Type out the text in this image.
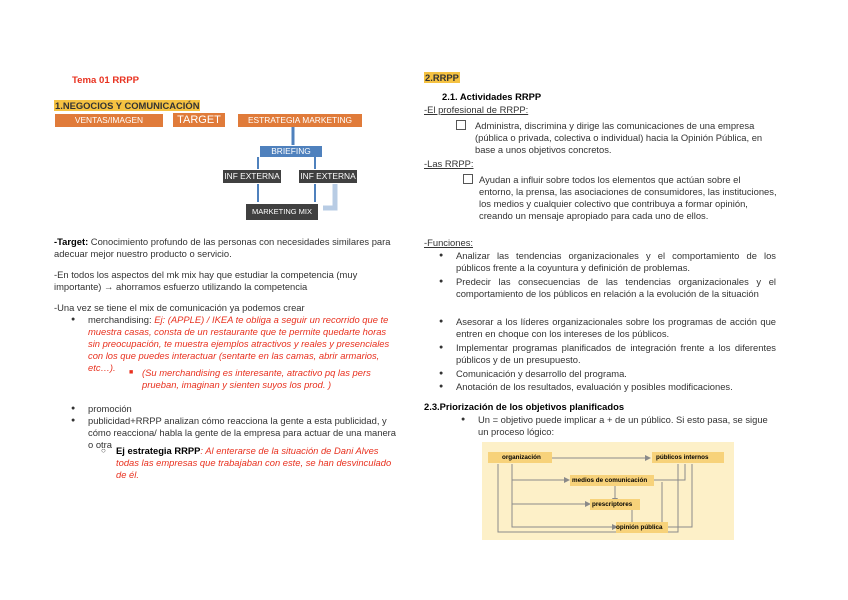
Tema 01 RRPP
1.NEGOCIOS Y COMUNICACIÓN
VENTAS/IMAGEN	TARGET	ESTRATEGIA MARKETING
BRIEFING
INF EXTERNA INF EXTERNA
MARKETING MIX
-Target: Conocimiento profundo de las personas con necesidades similares para adecuar mejor nuestro producto o servicio.
-En todos los aspectos del mk mix hay que estudiar la competencia (muy importante) → ahorramos esfuerzo utilizando la competencia
-Una vez se tiene el mix de comunicación ya podemos crear
● merchandising: Ej: (APPLE) / IKEA te obliga a seguir un recorrido que te muestra casas, consta de un restaurante que te permite quedarte horas sin preocupación, te muestra ejemplos atractivos y reales y presenciales con los que puedes interactuar (sentarte en las camas, abrir armarios, etc…).
■	(Su merchandising es interesante, atractivo pq las pers prueban, imaginan y sienten suyos los prod. )
● promoción
● publicidad+RRPP analizan cómo reacciona la gente a esta publicidad, y cómo reacciona/ habla la gente de la empresa para actuar de una manera o otra
○ Ej estrategia RRPP: Al enterarse de la situación de Dani Alves todas las empresas que trabajaban con este, se han desvinculado de él.
2.RRPP
2.1. Actividades RRPP
-El profesional de RRPP:
Administra, discrimina y dirige las comunicaciones de una empresa (pública o privada, colectiva o individual) hacia la Opinión Pública, en base a unos objetivos concretos.
-Las RRPP:
Ayudan a influir sobre todos los elementos que actúan sobre el entorno, la prensa, las asociaciones de consumidores, las instituciones, los medios y cualquier colectivo que contribuya a formar opinión, creando un mensaje apropiado para cada uno de ellos.
-Funciones:
● Analizar las tendencias organizacionales y el comportamiento de los públicos frente a la coyuntura y definición de problemas.
● Predecir las consecuencias de las tendencias organizacionales y el comportamiento de los públicos en relación a la evolución de la situación
● Asesorar a los líderes organizacionales sobre los programas de acción que entren en choque con los intereses de los públicos.
● Implementar programas planificados de integración frente a los diferentes públicos y de un presupuesto.
● Comunicación y desarrollo del programa.
● Anotación de los resultados, evaluación y posibles modificaciones.
2.3.Priorización de los objetivos planificados
● Un = objetivo puede implicar a + de un público. Si esto pasa, se sigue un proceso lógico:
organización	públicos internos
medios de comunicación
prescriptores
opinión pública
